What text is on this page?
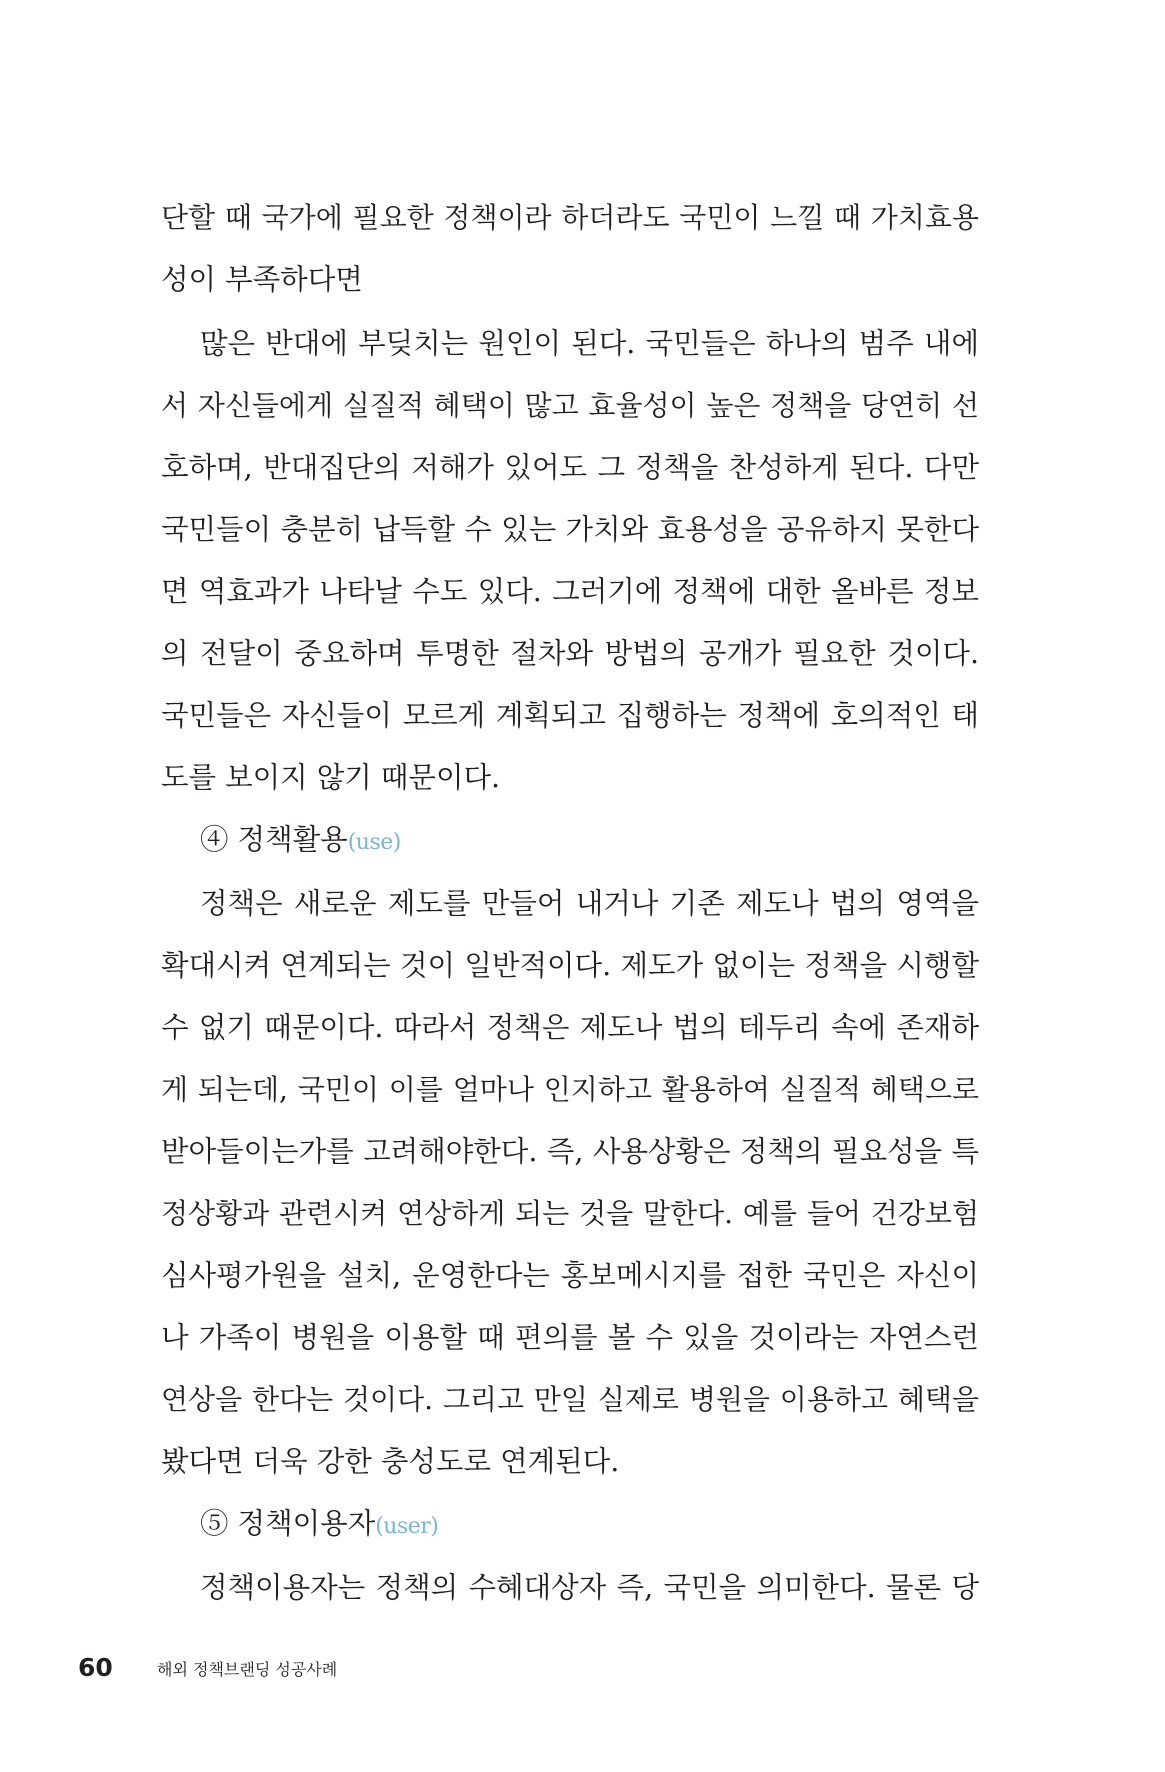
단할 때 국가에 필요한 정책이라 하더라도 국민이 느낄 때 가치효용

성이 부족하다면

많은 반대에 부딪치는 원인이 된다. 국민들은 하나의 범주 내에

서 자신들에게 실질적 혜택이 많고 효율성이 높은 정책을 당연히 선

호하며, 반대집단의 저해가 있어도 그 정책을 찬성하게 된다. 다만

국민들이 충분히 납득할 수 있는 가치와 효용성을 공유하지 못한다

면 역효과가 나타날 수도 있다. 그러기에 정책에 대한 올바른 정보

의 전달이 중요하며 투명한 절차와 방법의 공개가 필요한 것이다.

국민들은 자신들이 모르게 계획되고 집행하는 정책에 호의적인 태

도를 보이지 않기 때문이다.

④ 정책활용(use)

정책은 새로운 제도를 만들어 내거나 기존 제도나 법의 영역을

확대시켜 연계되는 것이 일반적이다. 제도가 없이는 정책을 시행할

수 없기 때문이다. 따라서 정책은 제도나 법의 테두리 속에 존재하

게 되는데, 국민이 이를 얼마나 인지하고 활용하여 실질적 혜택으로

받아들이는가를 고려해야한다. 즉, 사용상황은 정책의 필요성을 특

정상황과 관련시켜 연상하게 되는 것을 말한다. 예를 들어 건강보험

심사평가원을 설치, 운영한다는 홍보메시지를 접한 국민은 자신이

나 가족이 병원을 이용할 때 편의를 볼 수 있을 것이라는 자연스런

연상을 한다는 것이다. 그리고 만일 실제로 병원을 이용하고 혜택을

봤다면 더욱 강한 충성도로 연계된다.

⑤ 정책이용자(user)

정책이용자는 정책의 수혜대상자 즉, 국민을 의미한다. 물론 당

60	해외 정책브랜딩 성공사례
